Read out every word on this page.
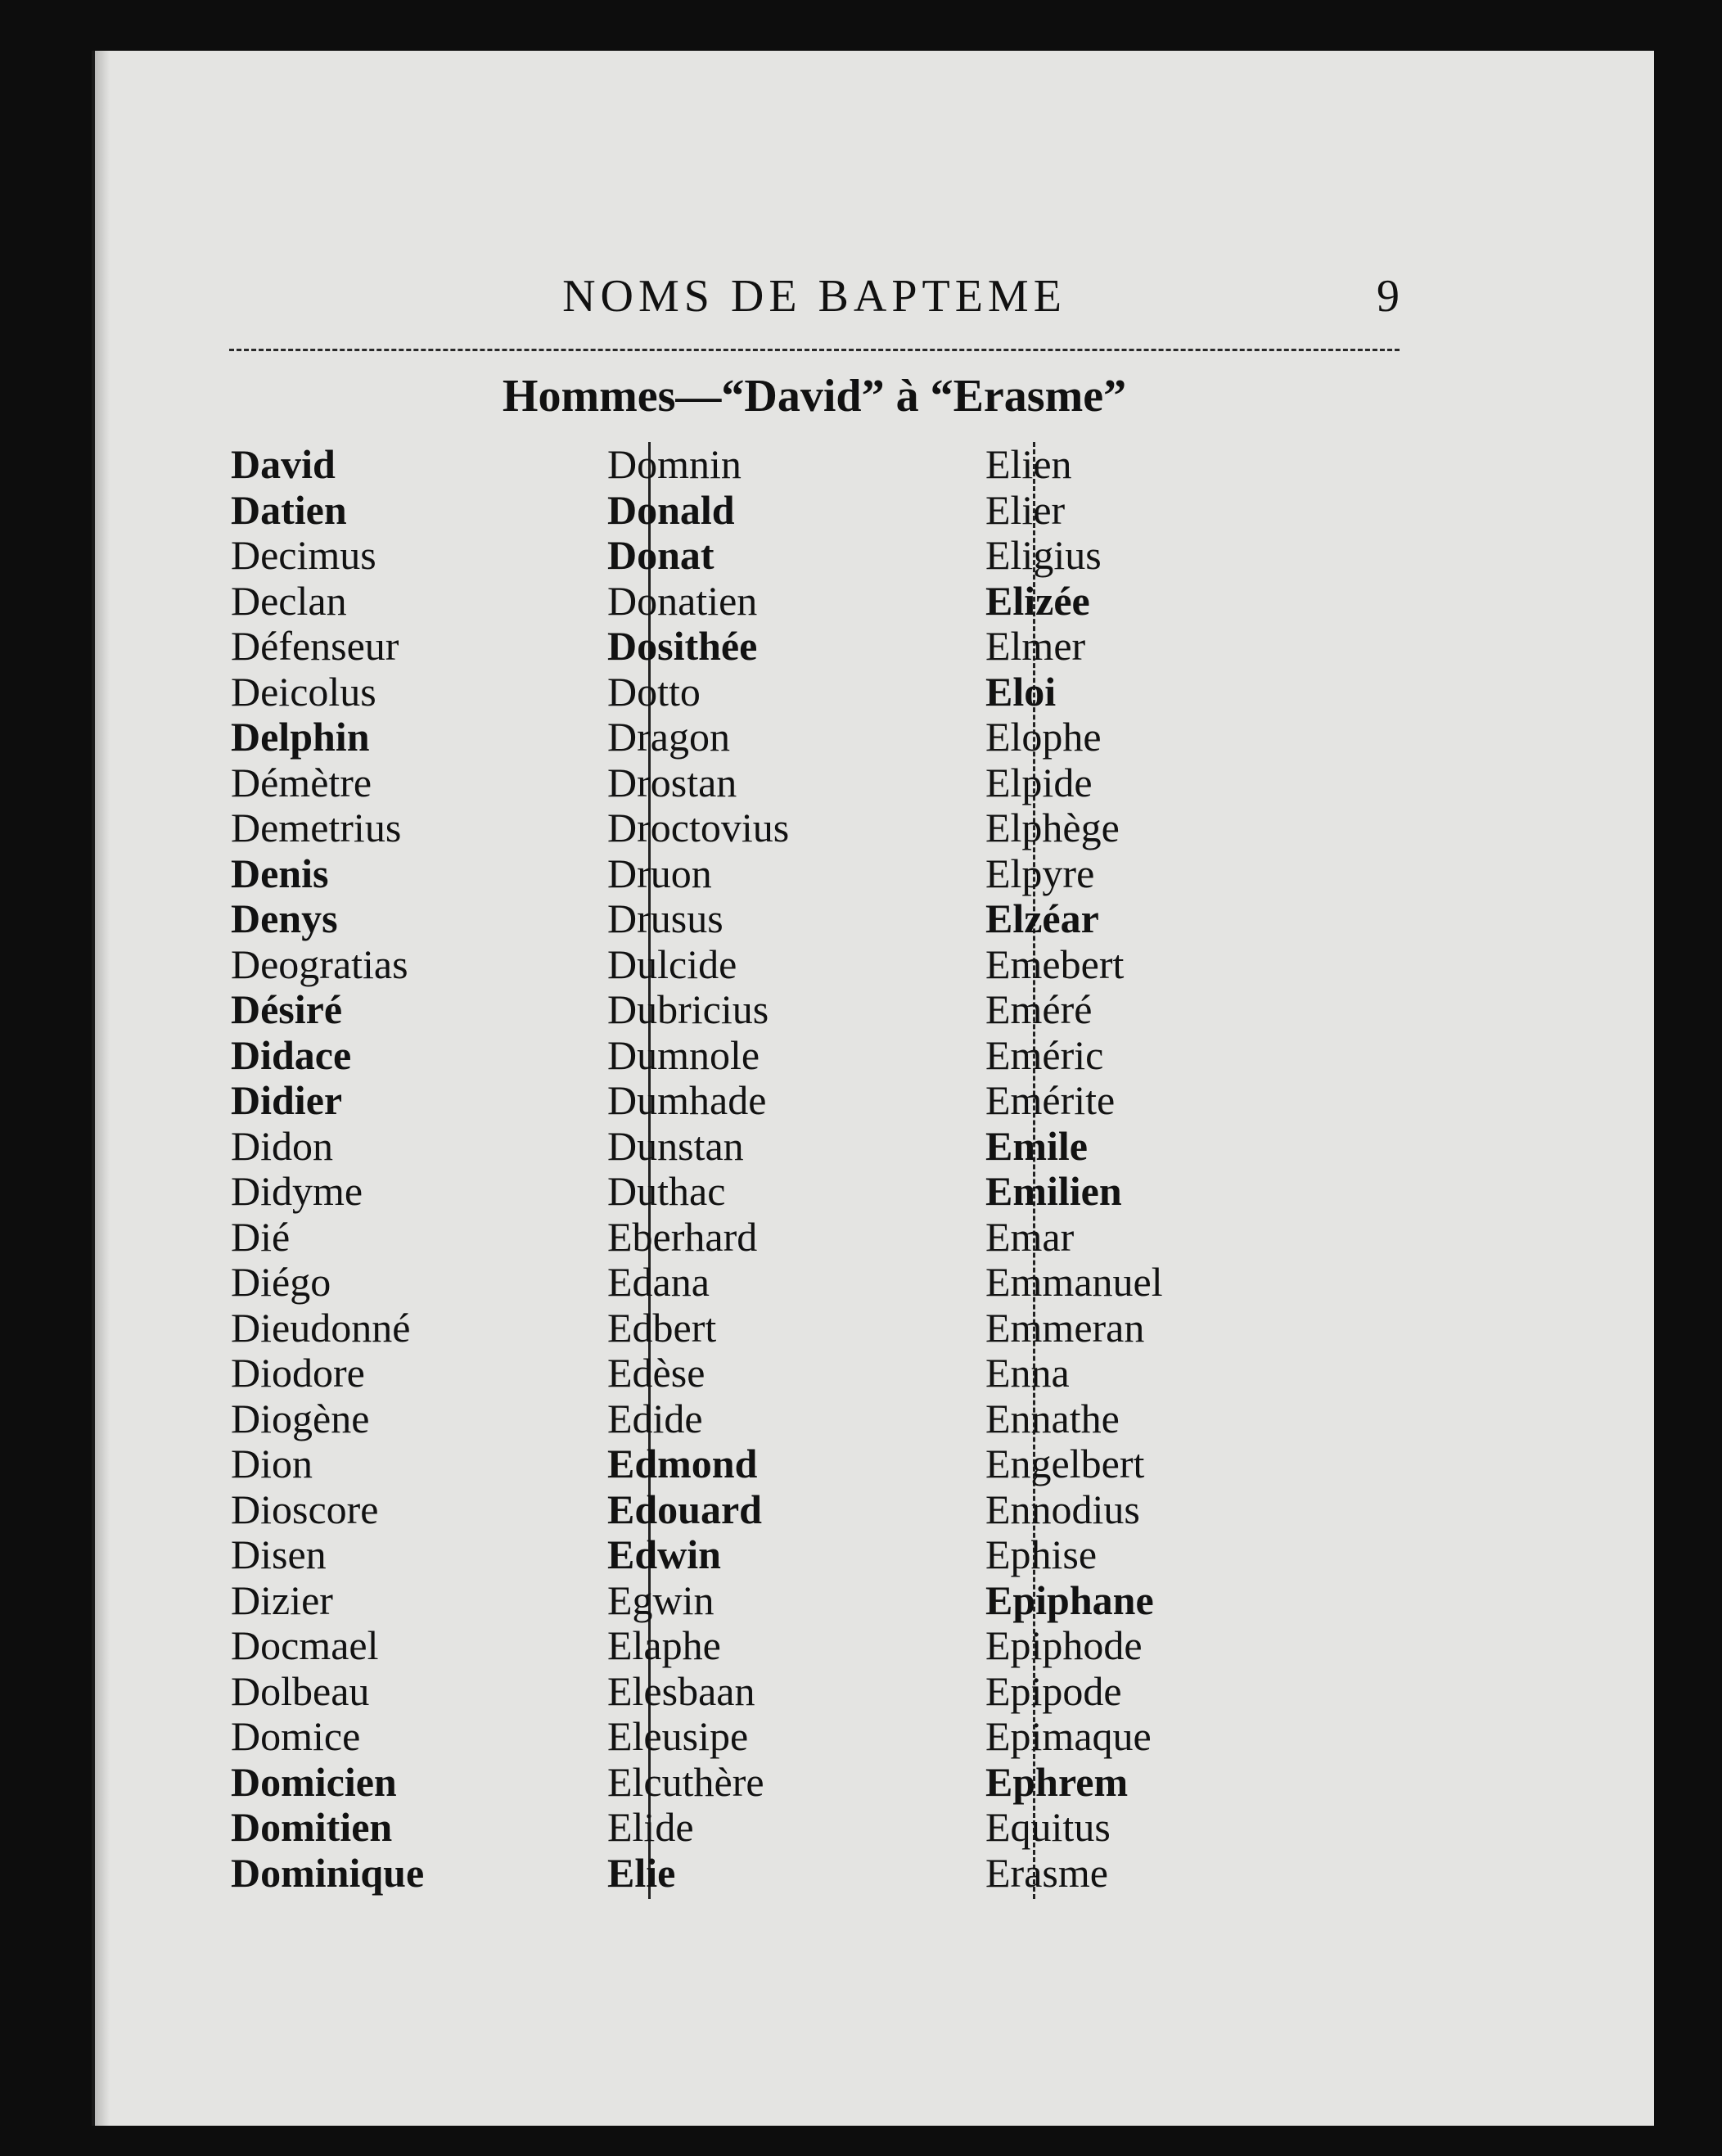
NOMS DE BAPTEME	9
Hommes—“David” à “Erasme”
David
Datien
Decimus
Declan
Défenseur
Deicolus
Delphin
Démètre
Demetrius
Denis
Denys
Deogratias
Désiré
Didace
Didier
Didon
Didyme
Dié
Diégo
Dieudonné
Diodore
Diogène
Dion
Dioscore
Disen
Dizier
Docmael
Dolbeau
Domice
Domicien
Domitien
Dominique
Domnin
Donald
Donat
Donatien
Dosithée
Dotto
Dragon
Drostan
Droctovius
Druon
Drusus
Dulcide
Dubricius
Dumnole
Dumhade
Dunstan
Duthac
Eberhard
Edana
Edbert
Edèse
Edide
Edmond
Edouard
Edwin
Egwin
Elaphe
Elesbaan
Eleusipe
Elcuthère
Elide
Elie
Elien
Elier
Eligius
Elizée
Elmer
Eloi
Elophe
Elpide
Elphège
Elpyre
Elzéar
Emebert
Eméré
Eméric
Emérite
Emile
Emilien
Emar
Emmanuel
Emmeran
Enna
Ennathe
Engelbert
Ennodius
Ephise
Epiphane
Epiphode
Epipode
Epimaque
Ephrem
Equitus
Erasme
